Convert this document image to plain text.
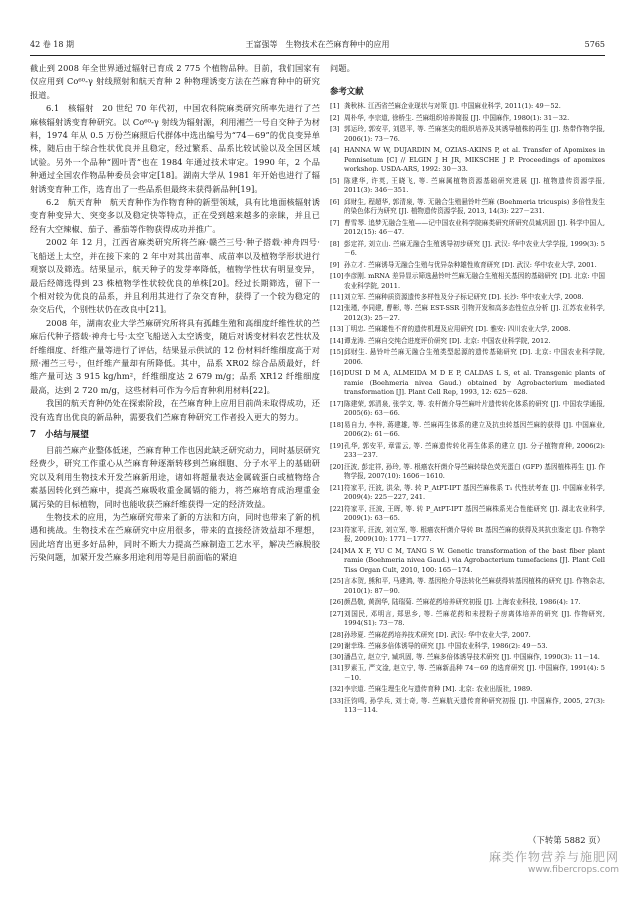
42 卷 18 期	王富强等　生物技术在苎麻育种中的应用	5765

截止到 2008 年全世界通过辐射已育成 2 775 个植物品种。目前，我们国家有仅应用到 Co⁶⁰-γ 射线照射和航天育种 2 种物理诱变方法在苎麻育种中的研究报道。

6.1　核辐射　20 世纪 70 年代初，中国农科院麻类研究所率先进行了苎麻核辐射诱变育种研究。以 Co⁶⁰-γ 射线为辐射源，利用湘苎一号自交种子为材料，1974 年从 0.5 万份苎麻照后代群体中选出编号为“74－69”的优良变异单株，随后由于综合性状优良并且稳定，经过繁系、品系比较试验以及全国区域试验。另外一个品种“圆叶青”也在 1984 年通过技术审定。1990 年，2 个品种通过全国农作物品种委员会审定[18]。湖南大学从 1981 年开始也进行了辐射诱变育种工作，选育出了一些品系但最终未获得新品种[19]。

6.2　航天育种　航天育种作为作物育种的新型领域，具有比地面核辐射诱变育种变异大、突变多以及稳定快等特点，正在受到越来越多的亲睐，并且已经有大空辣椒、茄子、番茄等作物获得成功并推广。

2002 年 12 月，江西省麻类研究所将苎麻·赣苎三号·种子搭载·神舟四号·飞船送上太空，并在接下来的 2 年中对其出苗率、成苗率以及植物学形状进行观察以及筛选。结果显示，航天种子的发芽率降低，植物学性状有明显变异，最后经筛选得到 23 株植物学性状较优良的单株[20]。经过长期筛选，留下一个相对较为优良的品系，并且利用其进行了杂交育种，获得了一个较为稳定的杂交后代，个别性状仍在改良中[21]。

2008 年，湖南农业大学苎麻研究所将具有孤雌生殖和高细度纤维性状的苎麻后代种子搭载·神舟七号·太空飞船送入太空诱变，随后对诱变材料农艺性状及纤维细度、纤维产量等进行了评估，结果显示供试的 12 份材料纤维细度高于对照·湘苎三号·，但纤维产量却有所降低。其中，品系 XR02 综合品质最好，纤维产量可达 3 915 kg/hm²，纤维细度达 2 679 m/g；品系 XR12 纤维细度最高，达到 2 720 m/g，这些材料可作为今后育种利用材料[22]。

我国的航天育种仍处在探索阶段，在苎麻育种上应用目前尚未取得成功，还没有选育出优良的新品种，需要我们苎麻育种研究工作者投入更大的努力。

7　小结与展望

目前苎麻产业整体低迷，苎麻育种工作也因此缺乏研究动力，同时基层研究经费少，研究工作重心从苎麻育种逐渐转移到苎麻细胞、分子水平上的基础研究以及利用生物技术开发苎麻新用途，诸如将超量表达金属硫蛋白或植物络合素基因转化到苎麻中，提高苎麻吸收重金属镉的能力，将苎麻培育成治理重金属污染的目标植物，同时也能收获苎麻纤维获得一定的经济效益。

生物技术的应用，为苎麻研究带来了新的方法和方向，同时也带来了新的机遇和挑战。生物技术在苎麻研究中应用很多，带来的直接经济效益却不理想，因此培育出更多好品种，同时不断大力提高苎麻制造工艺水平，解决苎麻脱胶污染问题，加紧开发苎麻多用途利用等是目前面临的紧迫

问题。

参考文献
[1] 龚秋林. 江西省苎麻企业现状与对策 [J]. 中国麻业科学, 2011(1): 49－52.
[2] 周朴华, 李宗道, 徐桥生. 苎麻组织培养简报 [J]. 中国麻作, 1980(1): 31－32.
[3] 郭运玲, 郭安平, 刘恩平, 等. 苎麻茎尖的组织培养及其诱导植株的再生 [J]. 热带作物学报, 2006(1): 73－76.
[4] HANNA W W, DUJARDIN M, OZIAS-AKINS P, et al. Transfer of Apomixes in Pennisetum [C] // ELGIN J H JR, MIKSCHE J P. Proceedings of apomixes workshop. USDA-ARS, 1992: 30－33.
[5] 陈建华, 许英, 王晓飞, 等. 苎麻属植物资源基础研究进展 [J]. 植物遗传资源学报, 2011(3): 346－351.
[6] 邱财生, 程超华, 郭清泉, 等. 无融合生殖悬铃叶苎麻 (Boehmeria tricuspis) 多倍性发生的染色体行为研究 [J]. 植物遗传资源学报, 2013, 14(3): 227－231.
[7] 曹雪琴. 追梦无融合生殖——记中国农业科学院麻类研究所研究员臧巩固 [J]. 科学中国人, 2012(15): 46－47.
[8] 彭定祥, 刘立山. 苎麻无融合生殖诱导初步研究 [J]. 武汉: 华中农业大学学报, 1999(3): 5－6.
[9] 孙立才. 苎麻诱导无融合生殖与优异杂种雄性败育研究 [D]. 武汉: 华中农业大学, 2001.
[10] 李彦刚. mRNA 差异显示筛选悬铃叶苎麻无融合生殖相关基因的基础研究 [D]. 北京: 中国农业科学院, 2011.
[11] 刘立军. 苎麻种质资源遗传多样性及分子标记研究 [D]. 长沙: 华中农业大学, 2008.
[12] 张瑾, 李同建, 曹彬, 等. 苎麻 EST-SSR 引物开发和高多态性位点分析 [J]. 江苏农业科学, 2012(3): 25－27.
[13] 丁明忠. 苎麻雄性不育的遗传机理及应用研究 [D]. 雅安: 四川农业大学, 2008.
[14] 谭龙涛. 苎麻自交纯合进度评价研究 [D]. 北京: 中国农业科学院, 2012.
[15] 邱财生. 悬铃叶苎麻无融合生殖类型起源的遗传基础研究 [D]. 北京: 中国农业科学院, 2006.
[16] DUSI D M A, ALMEIDA M D E P, CALDAS L S, et al. Transgenic plants of ramie (Boehmeria nivea Gaud.) obtained by Agrobacterium mediated transformation [J]. Plant Cell Rep, 1993, 12: 625－628.
[17] 陈建荣, 郭清泉, 张学文, 等. 农杆菌介导苎麻叶片遗传转化体系的研究 [J]. 中国农学通报, 2005(6): 63－66.
[18] 易自力, 李梓, 蒋建雄, 等. 苎麻再生体系的建立及抗虫转基因苎麻的获得 [J]. 中国麻业, 2006(2): 61－66.
[19] 孔华, 郭安平, 章雷云, 等. 苎麻遗传转化再生体系的建立 [J]. 分子植物育种, 2006(2): 233－237.
[20] 汪波, 彭定祥, 孙玲, 等. 根癌农杆菌介导苎麻转绿色荧光蛋白 (GFP) 基因植株再生 [J]. 作物学报, 2007(10): 1606－1610.
[21] 符家平, 汪波, 洪朵, 等. 转 P_AtPT-IPT 基因苎麻株系 T₁ 代性状考查 [J]. 中国麻业科学, 2009(4): 225－227, 241.
[22] 符家平, 汪波, 王晖, 等. 转 P_AtPT-IPT 基因苎麻株系光合性能研究 [J]. 湖北农业科学, 2009(1): 63－65.
[23] 符家平, 汪波, 刘立军, 等. 根癌农杆菌介导转 Bt 基因苎麻的获得及其抗虫鉴定 [J]. 作物学报, 2009(10): 1771－1777.
[24] MA X F, YU C M, TANG S W. Genetic transformation of the bast fiber plant ramie (Boehmeria nivea Gaud.) via Agrobacterium tumefaciens [J]. Plant Cell Tiss Organ Cult, 2010, 100: 165－174.
[25] 言本贺, 熊和平, 马建鸿, 等. 基因枪介导法转化苎麻获得转基因植株的研究 [J]. 作物杂志, 2010(1): 87－90.
[26] 颜昌敬, 黄润华, 陆瑞菊. 苎麻花药培养研究初报 [J]. 上海农业科技, 1986(4): 17.
[27] 刘国民, 邓明言, 郑思乡, 等. 苎麻花药和未授粉子房离体培养的研究 [J]. 作物研究, 1994(S1): 73－78.
[28] 孙珍夏. 苎麻花药培养技术研究 [D]. 武汉: 华中农业大学, 2007.
[29] 谢幸珠. 苎麻多倍体诱导的研究 [J]. 中国农业科学, 1986(2): 49－53.
[30] 潘昌立, 赵立宁, 臧巩固, 等. 苎麻多倍体诱导技术研究 [J]. 中国麻作, 1990(3): 11－14.
[31] 罗素玉, 严文淦, 赵立宁, 等. 苎麻新品种 74－69 的选育研究 [J]. 中国麻作, 1991(4): 5－10.
[32] 李宗道. 苎麻生理生化与遗传育种 [M]. 北京: 农业出版社, 1989.
[33] 汪钧鸣, 孙学兵, 刘士奇, 等. 苎麻航天遗传育种研究初报 [J]. 中国麻作, 2005, 27(3): 113－114.
（下转第 5882 页）
麻类作物营养与施肥网
www.fibercrops.com
